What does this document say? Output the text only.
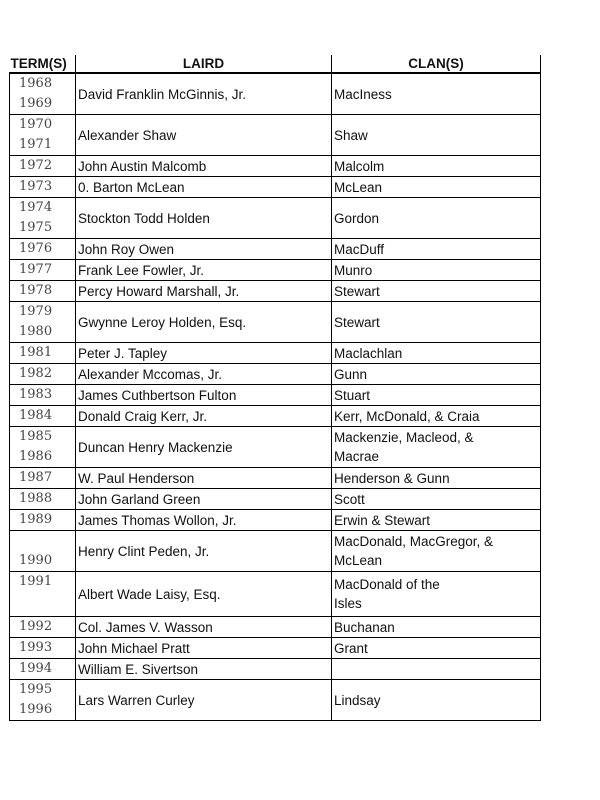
TERM(S)	LAIRD	CLAN(S)

1968
1969	David Franklin McGinnis, Jr.	MacIness

1970
1971	Alexander Shaw	Shaw

1972	John Austin Malcomb	Malcolm

1973	0. Barton McLean	McLean

1974
1975	Stockton Todd Holden	Gordon

1976	John Roy Owen	MacDuff

1977	Frank Lee Fowler, Jr.	Munro

1978	Percy Howard Marshall, Jr.	Stewart

1979
1980	Gwynne Leroy Holden, Esq.	Stewart

1981	Peter J. Tapley	Maclachlan

1982	Alexander Mccomas, Jr.	Gunn

1983	James Cuthbertson Fulton	Stuart

1984	Donald Craig Kerr, Jr.	Kerr, McDonald, & Craia

1985
1986	Duncan Henry Mackenzie	Mackenzie, Macleod, &
Macrae

1987	W. Paul Henderson	Henderson & Gunn

1988	John Garland Green	Scott

1989	James Thomas Wollon, Jr.	Erwin & Stewart

1990	Henry Clint Peden, Jr.	MacDonald, MacGregor, &
McLean

1991	Albert Wade Laisy, Esq.	MacDonald of the
Isles

1992	Col. James V. Wasson	Buchanan

1993	John Michael Pratt	Grant

1994	William E. Sivertson	

1995
1996	Lars Warren Curley	Lindsay
